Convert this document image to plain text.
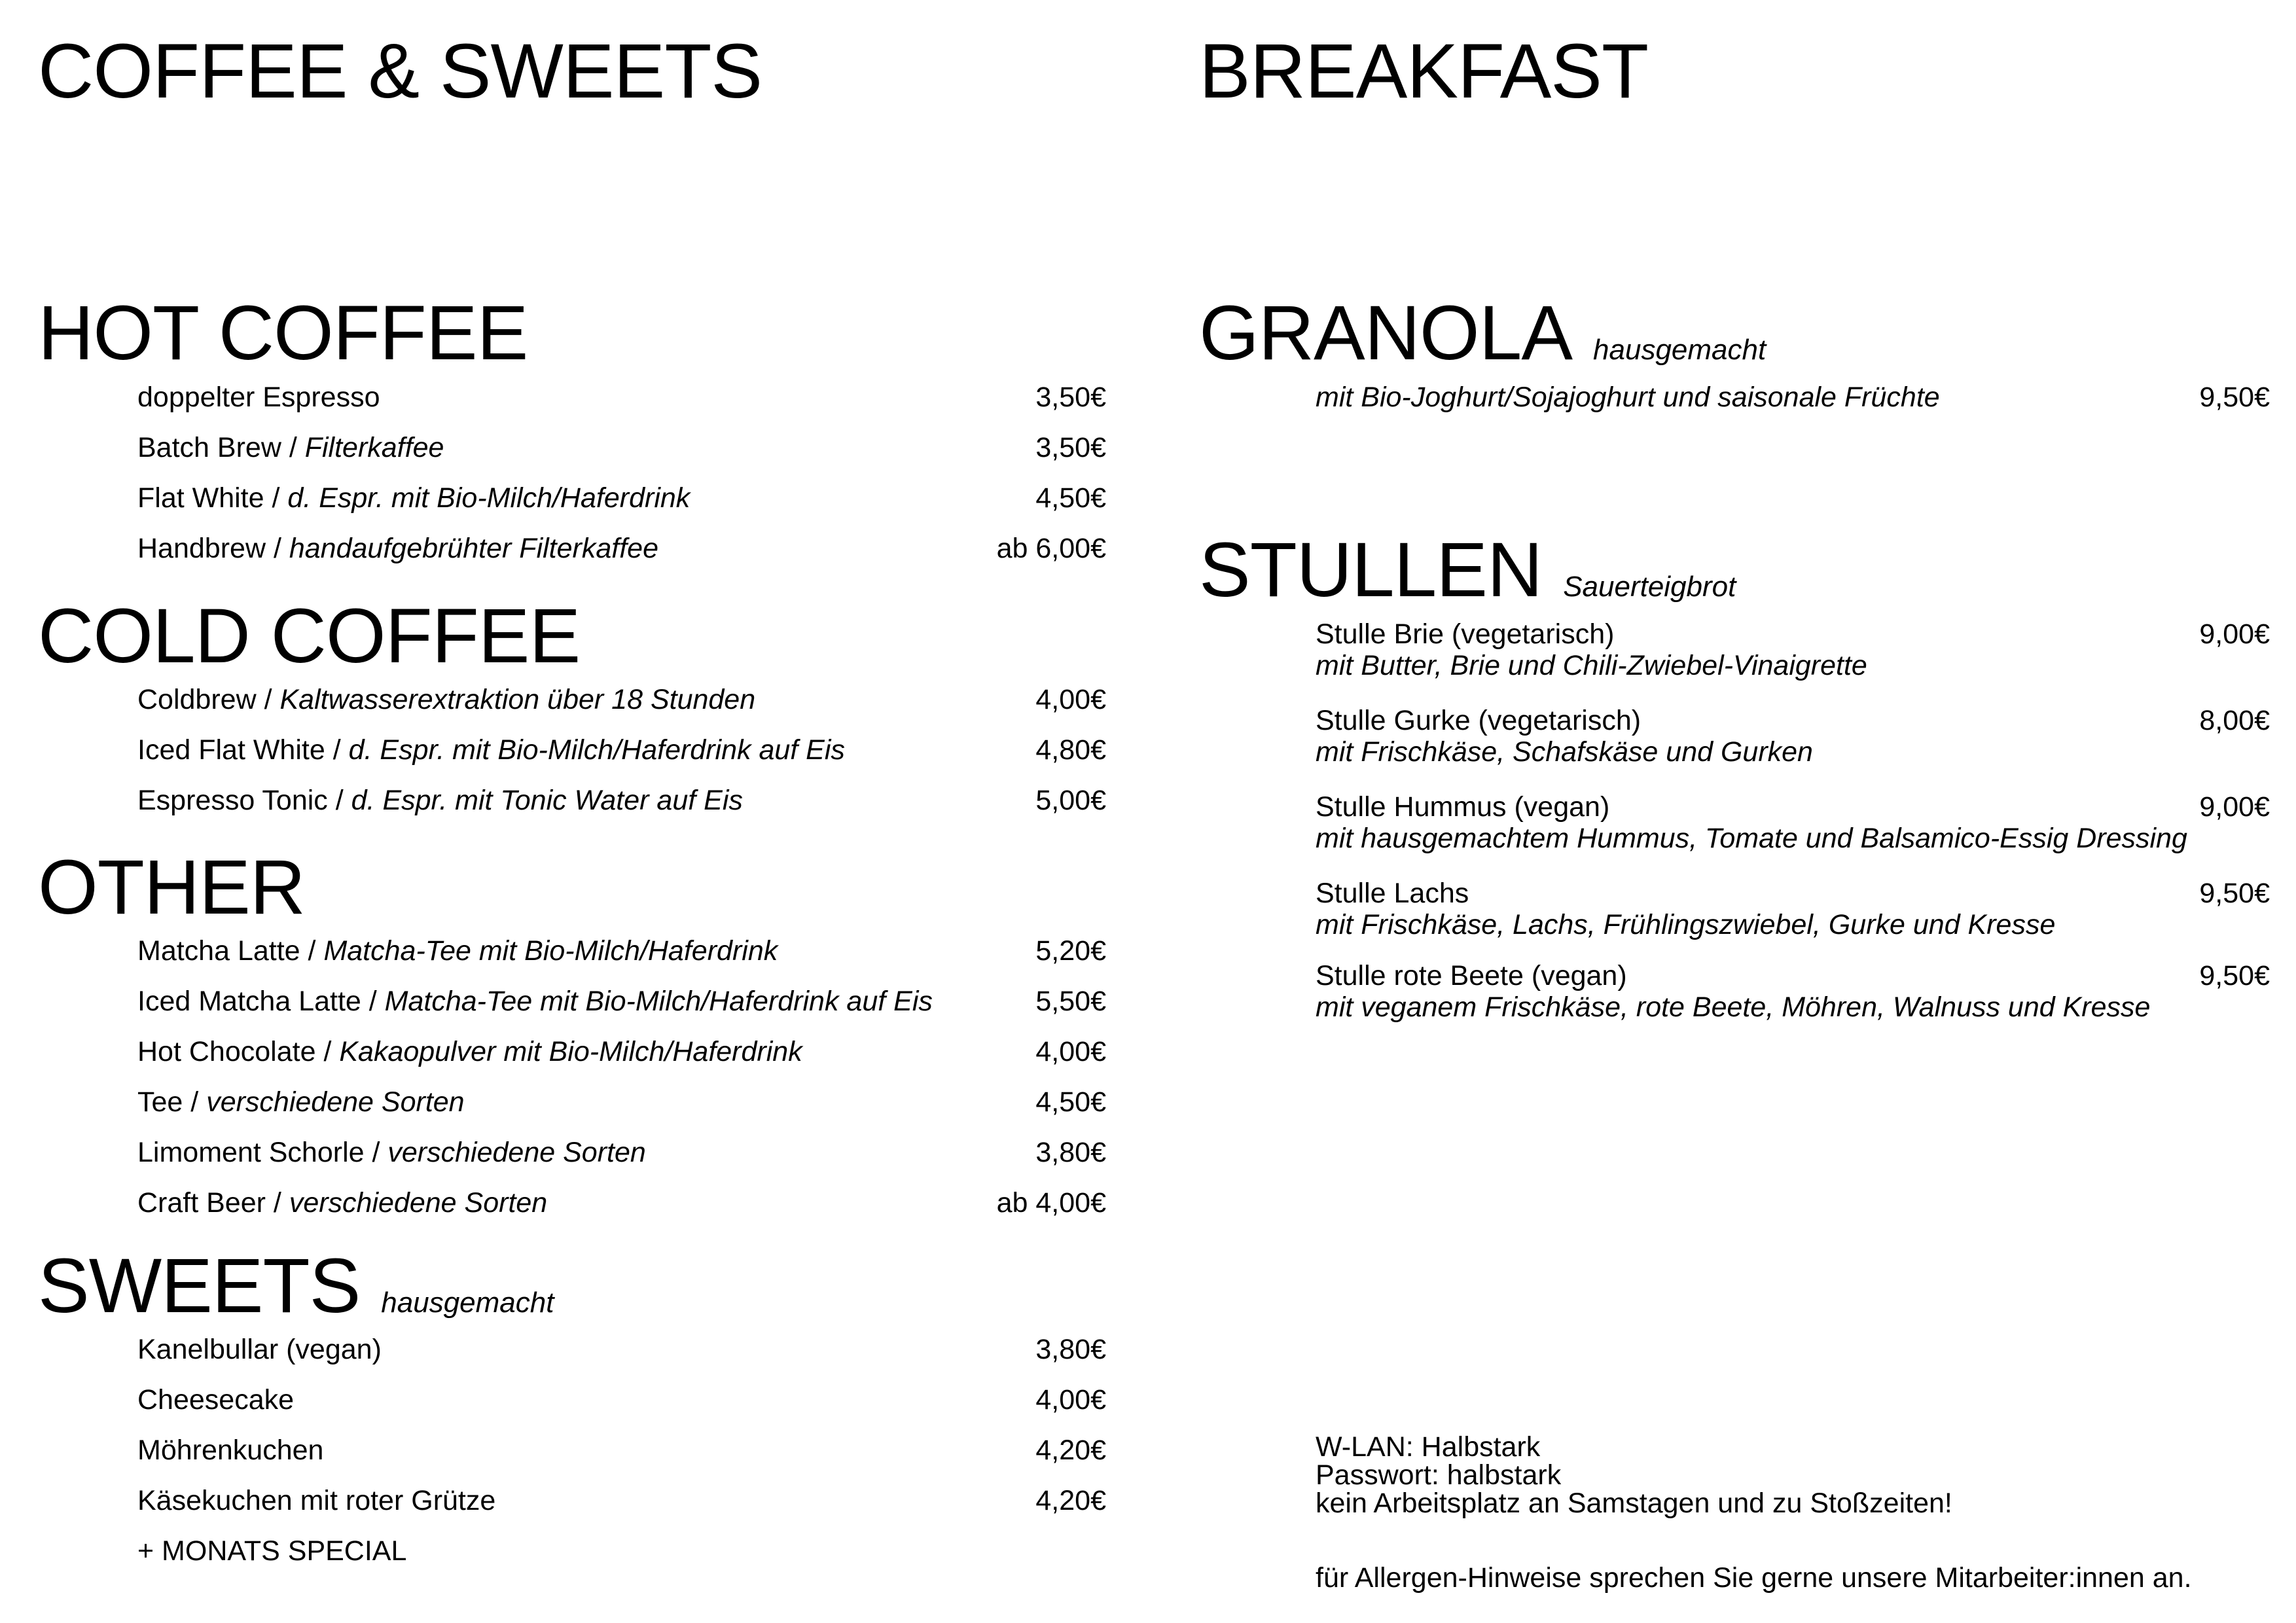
COFFEE & SWEETS
HOT COFFEE
doppelter Espresso	3,50€
Batch Brew / Filterkaffee	3,50€
Flat White / d. Espr. mit Bio-Milch/Haferdrink	4,50€
Handbrew / handaufgebrühter Filterkaffee	ab 6,00€
COLD COFFEE
Coldbrew / Kaltwasserextraktion über 18 Stunden	4,00€
Iced Flat White / d. Espr. mit Bio-Milch/Haferdrink auf Eis	4,80€
Espresso Tonic / d. Espr. mit Tonic Water auf Eis	5,00€
OTHER
Matcha Latte / Matcha-Tee mit Bio-Milch/Haferdrink	5,20€
Iced Matcha Latte / Matcha-Tee mit Bio-Milch/Haferdrink auf Eis	5,50€
Hot Chocolate / Kakaopulver mit Bio-Milch/Haferdrink	4,00€
Tee / verschiedene Sorten	4,50€
Limoment Schorle / verschiedene Sorten	3,80€
Craft Beer / verschiedene Sorten	ab 4,00€
SWEETS hausgemacht
Kanelbullar (vegan)	3,80€
Cheesecake	4,00€
Möhrenkuchen	4,20€
Käsekuchen mit roter Grütze	4,20€
+ MONATS SPECIAL
BREAKFAST
GRANOLA hausgemacht
mit Bio-Joghurt/Sojajoghurt und saisonale Früchte	9,50€
STULLEN Sauerteigbrot
Stulle Brie (vegetarisch)	9,00€
mit Butter, Brie und Chili-Zwiebel-Vinaigrette
Stulle Gurke (vegetarisch)	8,00€
mit Frischkäse, Schafskäse und Gurken
Stulle Hummus (vegan)	9,00€
mit hausgemachtem Hummus, Tomate und Balsamico-Essig Dressing
Stulle Lachs	9,50€
mit Frischkäse, Lachs, Frühlingszwiebel, Gurke und Kresse
Stulle rote Beete (vegan)	9,50€
mit veganem Frischkäse, rote Beete, Möhren, Walnuss und Kresse
W-LAN: Halbstark
Passwort: halbstark
kein Arbeitsplatz an Samstagen und zu Stoßzeiten!
für Allergen-Hinweise sprechen Sie gerne unsere Mitarbeiter:innen an.
